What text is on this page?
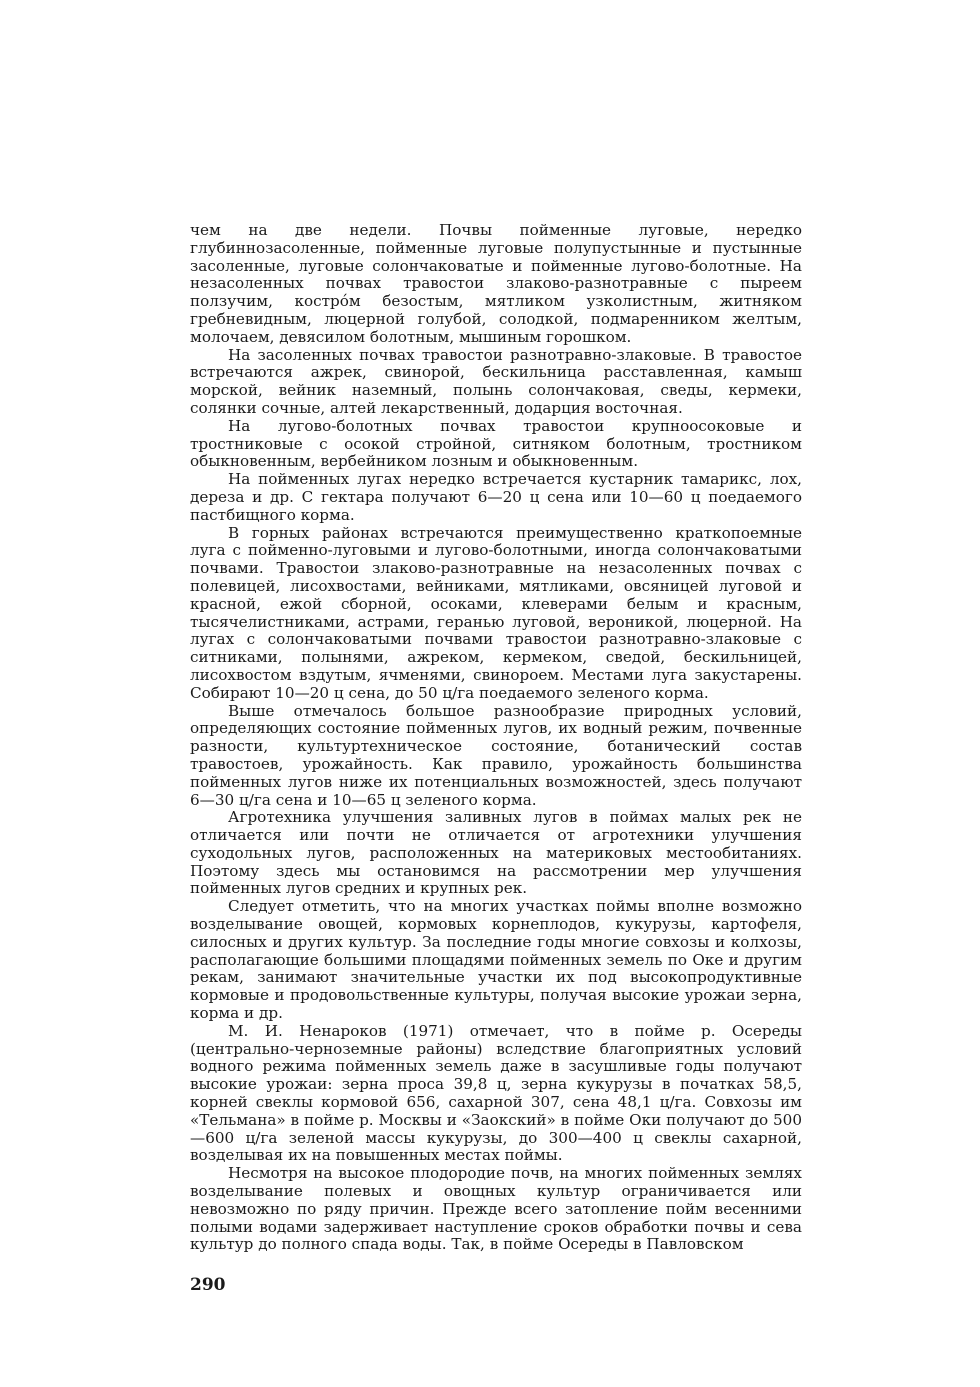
чем на две недели. Почвы пойменные луговые, нередко глубиннозасоленные, пойменные луговые полупустынные и пустынные засоленные, луговые солончаковатые и пойменные лугово-болотные. На незасоленных почвах травостои злаково-разнотравные с пыреем ползучим, кострóм безостым, мятликом узколистным, житняком гребневидным, люцерной голубой, солодкой, подмаренником желтым, молочаем, девясилом болотным, мышиным горошком.

На засоленных почвах травостои разнотравно-злаковые. В травостое встречаются ажрек, свинорой, бескильница расставленная, камыш морской, вейник наземный, полынь солончаковая, сведы, кермеки, солянки сочные, алтей лекарственный, додарция восточная.

На лугово-болотных почвах травостои крупноосоковые и тростниковые с осокой стройной, ситняком болотным, тростником обыкновенным, вербейником лозным и обыкновенным.

На пойменных лугах нередко встречается кустарник тамарикс, лох, дереза и др. С гектара получают 6—20 ц сена или 10—60 ц поедаемого пастбищного корма.

В горных районах встречаются преимущественно краткопоемные луга с пойменно-луговыми и лугово-болотными, иногда солончаковатыми почвами. Травостои злаково-разнотравные на незасоленных почвах с полевицей, лисохвостами, вейниками, мятликами, овсяницей луговой и красной, ежой сборной, осоками, клеверами белым и красным, тысячелистниками, астрами, геранью луговой, вероникой, люцерной. На лугах с солончаковатыми почвами травостои разнотравно-злаковые с ситниками, полынями, ажреком, кермеком, сведой, бескильницей, лисохвостом вздутым, ячменями, свинороем. Местами луга закустарены. Собирают 10—20 ц сена, до 50 ц/га поедаемого зеленого корма.

Выше отмечалось большое разнообразие природных условий, определяющих состояние пойменных лугов, их водный режим, почвенные разности, культуртехническое состояние, ботанический состав травостоев, урожайность. Как правило, урожайность большинства пойменных лугов ниже их потенциальных возможностей, здесь получают 6—30 ц/га сена и 10—65 ц зеленого корма.

Агротехника улучшения заливных лугов в поймах малых рек не отличается или почти не отличается от агротехники улучшения суходольных лугов, расположенных на материковых местообитаниях. Поэтому здесь мы остановимся на рассмотрении мер улучшения пойменных лугов средних и крупных рек.

Следует отметить, что на многих участках поймы вполне возможно возделывание овощей, кормовых корнеплодов, кукурузы, картофеля, силосных и других культур. За последние годы многие совхозы и колхозы, располагающие большими площадями пойменных земель по Оке и другим рекам, занимают значительные участки их под высокопродуктивные кормовые и продовольственные культуры, получая высокие урожаи зерна, корма и др.

М. И. Ненароков (1971) отмечает, что в пойме р. Осереды (центрально-черноземные районы) вследствие благоприятных условий водного режима пойменных земель даже в засушливые годы получают высокие урожаи: зерна проса 39,8 ц, зерна кукурузы в початках 58,5, корней свеклы кормовой 656, сахарной 307, сена 48,1 ц/га. Совхозы им «Тельмана» в пойме р. Москвы и «Заокский» в пойме Оки получают до 500—600 ц/га зеленой массы кукурузы, до 300—400 ц свеклы сахарной, возделывая их на повышенных местах поймы.

Несмотря на высокое плодородие почв, на многих пойменных землях возделывание полевых и овощных культур ограничивается или невозможно по ряду причин. Прежде всего затопление пойм весенними полыми водами задерживает наступление сроков обработки почвы и сева культур до полного спада воды. Так, в пойме Осереды в Павловском

290
